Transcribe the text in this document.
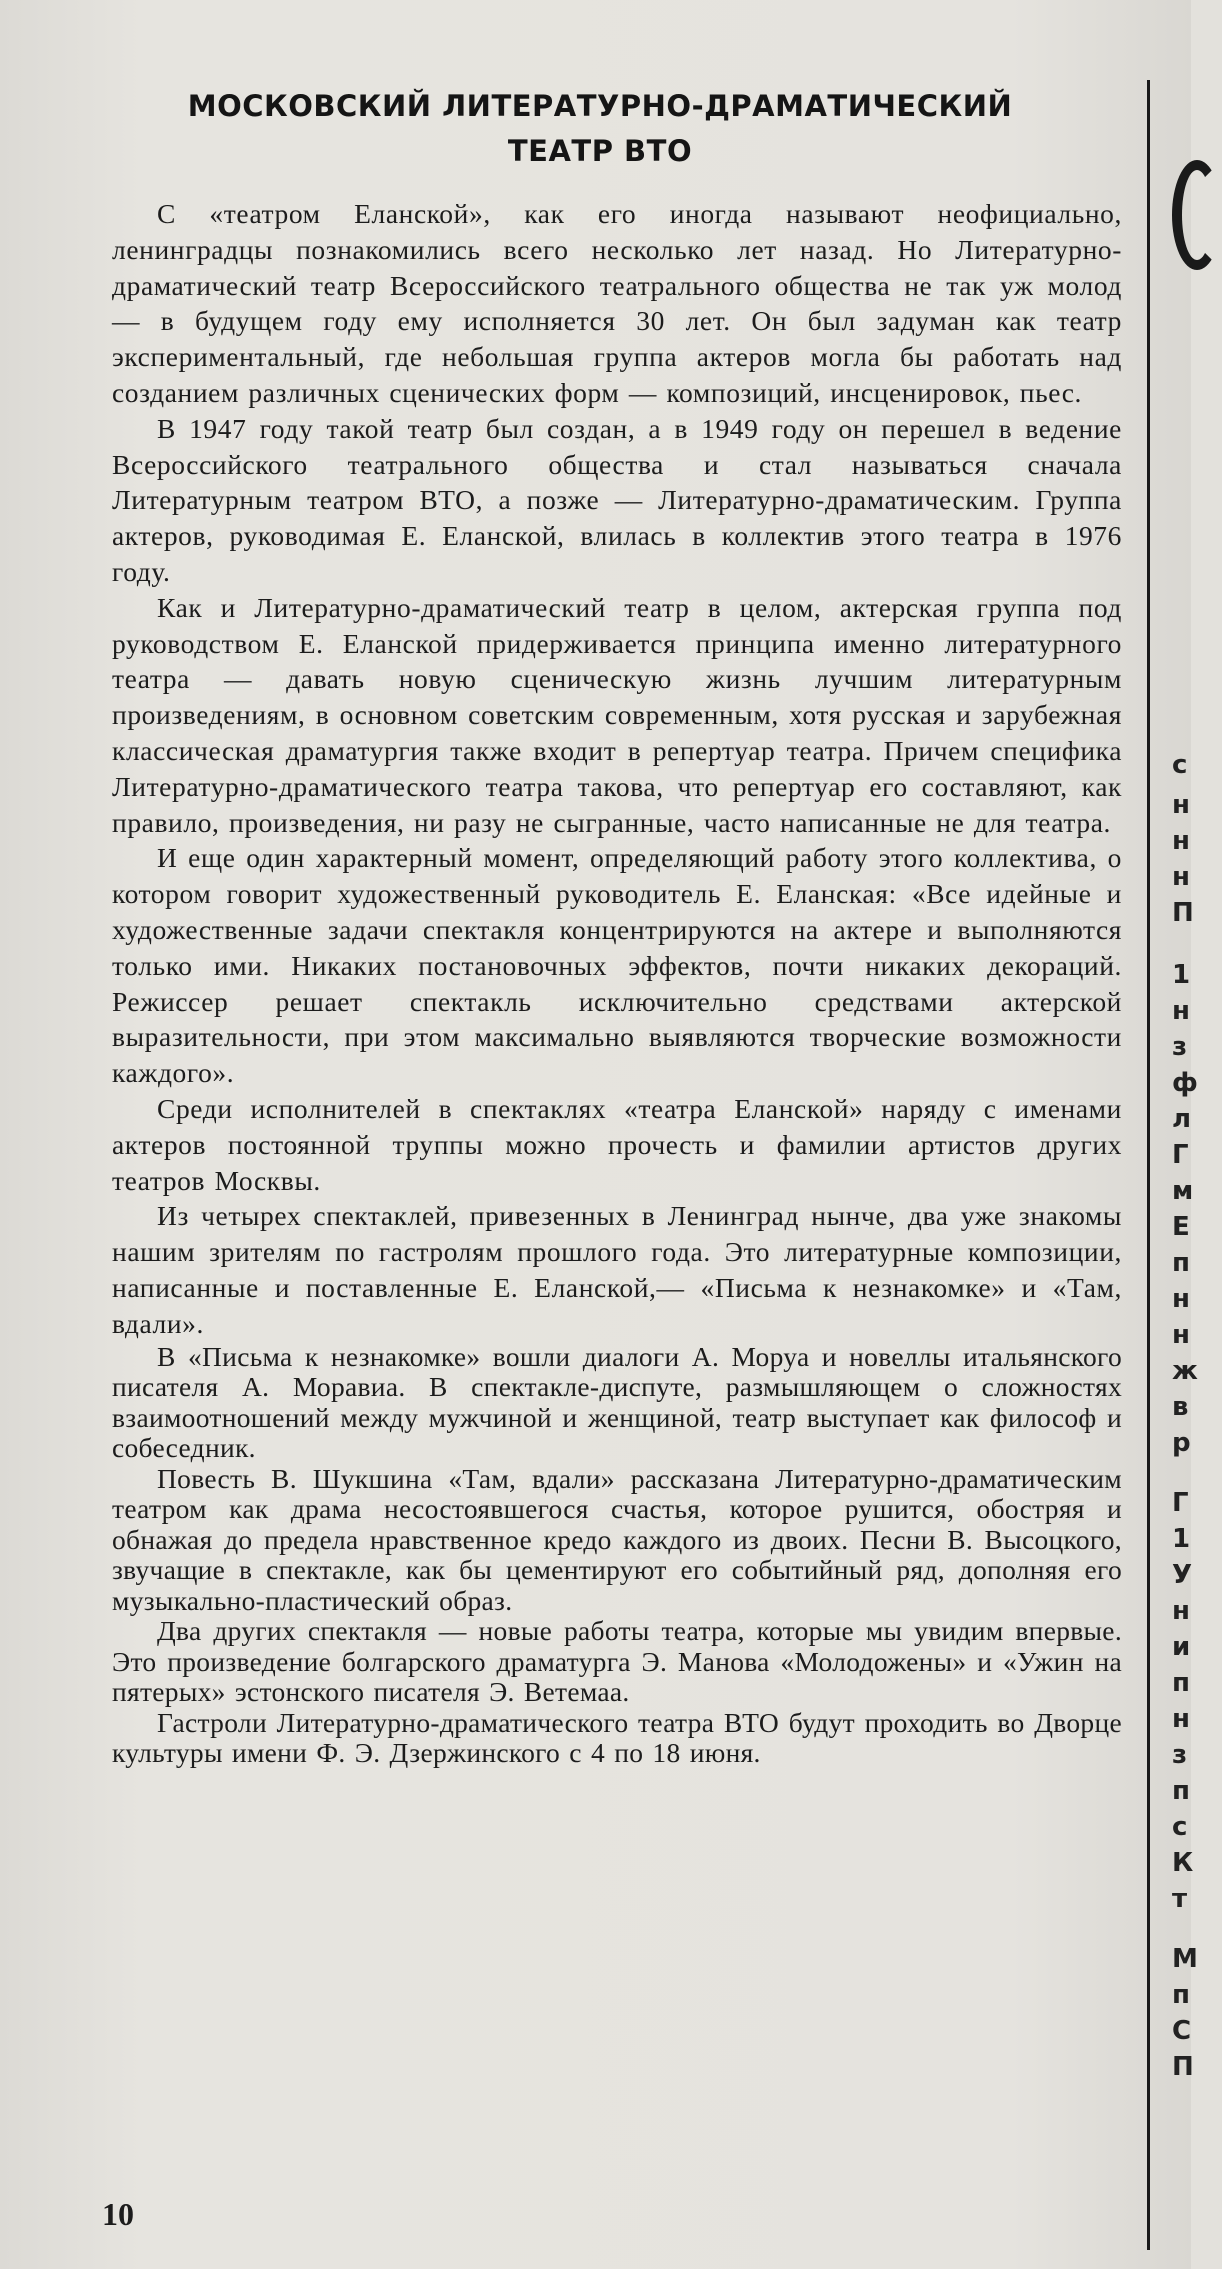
МОСКОВСКИЙ ЛИТЕРАТУРНО-ДРАМАТИЧЕСКИЙ
ТЕАТР ВТО

С «театром Еланской», как его иногда называют неофициально, ленинградцы познакомились всего несколько лет назад. Но Литературно-драматический театр Всероссийского театрального общества не так уж молод — в будущем году ему исполняется 30 лет. Он был задуман как театр экспериментальный, где небольшая группа актеров могла бы работать над созданием различных сценических форм — композиций, инсценировок, пьес.

В 1947 году такой театр был создан, а в 1949 году он перешел в ведение Всероссийского театрального общества и стал называться сначала Литературным театром ВТО, а позже — Литературно-драматическим. Группа актеров, руководимая Е. Еланской, влилась в коллектив этого театра в 1976 году.

Как и Литературно-драматический театр в целом, актерская группа под руководством Е. Еланской придерживается принципа именно литературного театра — давать новую сценическую жизнь лучшим литературным произведениям, в основном советским современным, хотя русская и зарубежная классическая драматургия также входит в репертуар театра. Причем специфика Литературно-драматического театра такова, что репертуар его составляют, как правило, произведения, ни разу не сыгранные, часто написанные не для театра.

И еще один характерный момент, определяющий работу этого коллектива, о котором говорит художественный руководитель Е. Еланская: «Все идейные и художественные задачи спектакля концентрируются на актере и выполняются только ими. Никаких постановочных эффектов, почти никаких декораций. Режиссер решает спектакль исключительно средствами актерской выразительности, при этом максимально выявляются творческие возможности каждого».

Среди исполнителей в спектаклях «театра Еланской» наряду с именами актеров постоянной труппы можно прочесть и фамилии артистов других театров Москвы.

Из четырех спектаклей, привезенных в Ленинград нынче, два уже знакомы нашим зрителям по гастролям прошлого года. Это литературные композиции, написанные и поставленные Е. Еланской,— «Письма к незнакомке» и «Там, вдали».

В «Письма к незнакомке» вошли диалоги А. Моруа и новеллы итальянского писателя А. Моравиа. В спектакле-диспуте, размышляющем о сложностях взаимоотношений между мужчиной и женщиной, театр выступает как философ и собеседник.

Повесть В. Шукшина «Там, вдали» рассказана Литературно-драматическим театром как драма несостоявшегося счастья, которое рушится, обостряя и обнажая до предела нравственное кредо каждого из двоих. Песни В. Высоцкого, звучащие в спектакле, как бы цементируют его событийный ряд, дополняя его музыкально-пластический образ.

Два других спектакля — новые работы театра, которые мы увидим впервые. Это произведение болгарского драматурга Э. Манова «Молодожены» и «Ужин на пятерых» эстонского писателя Э. Ветемаа.

Гастроли Литературно-драматического театра ВТО будут проходить во Дворце культуры имени Ф. Э. Дзержинского с 4 по 18 июня.

с
н
н
н
П
1
н
з
ф
л
Г
м
Е
п
н
н
ж
в
р
Г
1
У
н
и
п
н
з
п
с
К
т
М
п
С
П
10
